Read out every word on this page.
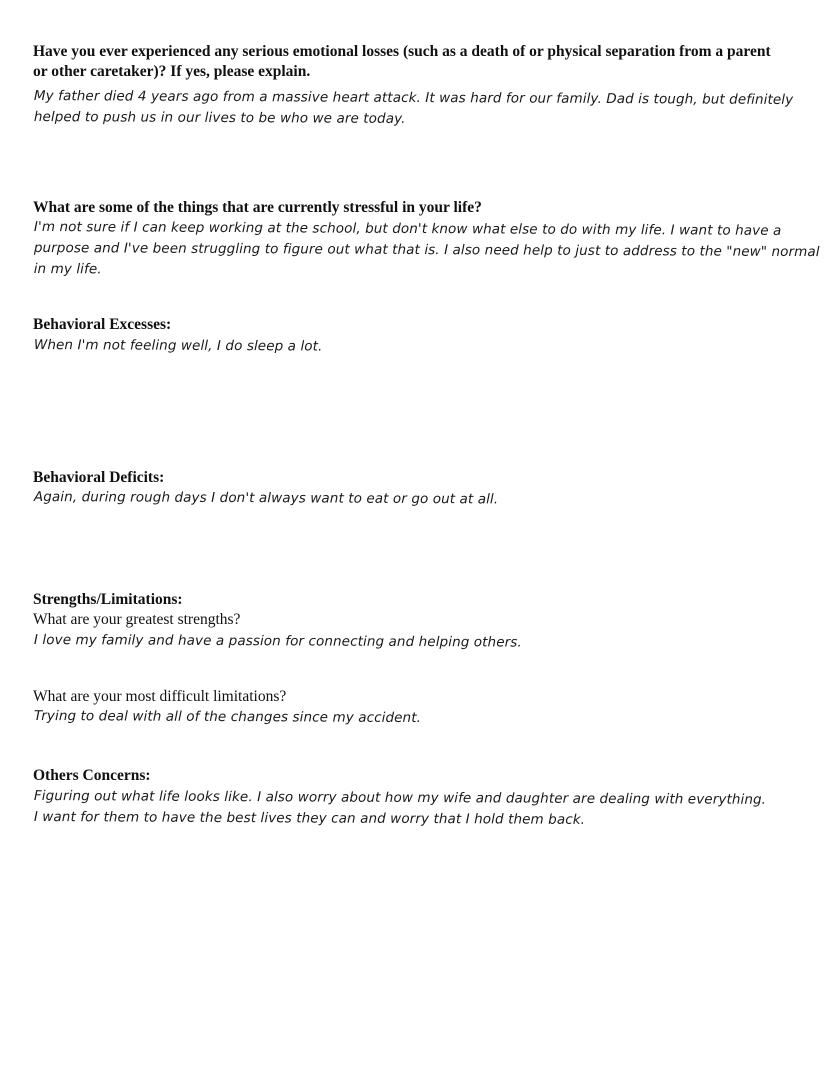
Have you ever experienced any serious emotional losses (such as a death of or physical separation from a parent or other caretaker)? If yes, please explain.

My father died 4 years ago from a massive heart attack. It was hard for our family. Dad is tough, but definitely
helped to push us in our lives to be who we are today.

What are some of the things that are currently stressful in your life?

I'm not sure if I can keep working at the school, but don't know what else to do with my life. I want to have a
purpose and I've been struggling to figure out what that is. I also need help to just to address to the "new" normal
in my life.

Behavioral Excesses:

When I'm not feeling well, I do sleep a lot.

Behavioral Deficits:

Again, during rough days I don't always want to eat or go out at all.

Strengths/Limitations:

What are your greatest strengths?

I love my family and have a passion for connecting and helping others.

What are your most difficult limitations?

Trying to deal with all of the changes since my accident.

Others Concerns:

Figuring out what life looks like. I also worry about how my wife and daughter are dealing with everything.
I want for them to have the best lives they can and worry that I hold them back.
